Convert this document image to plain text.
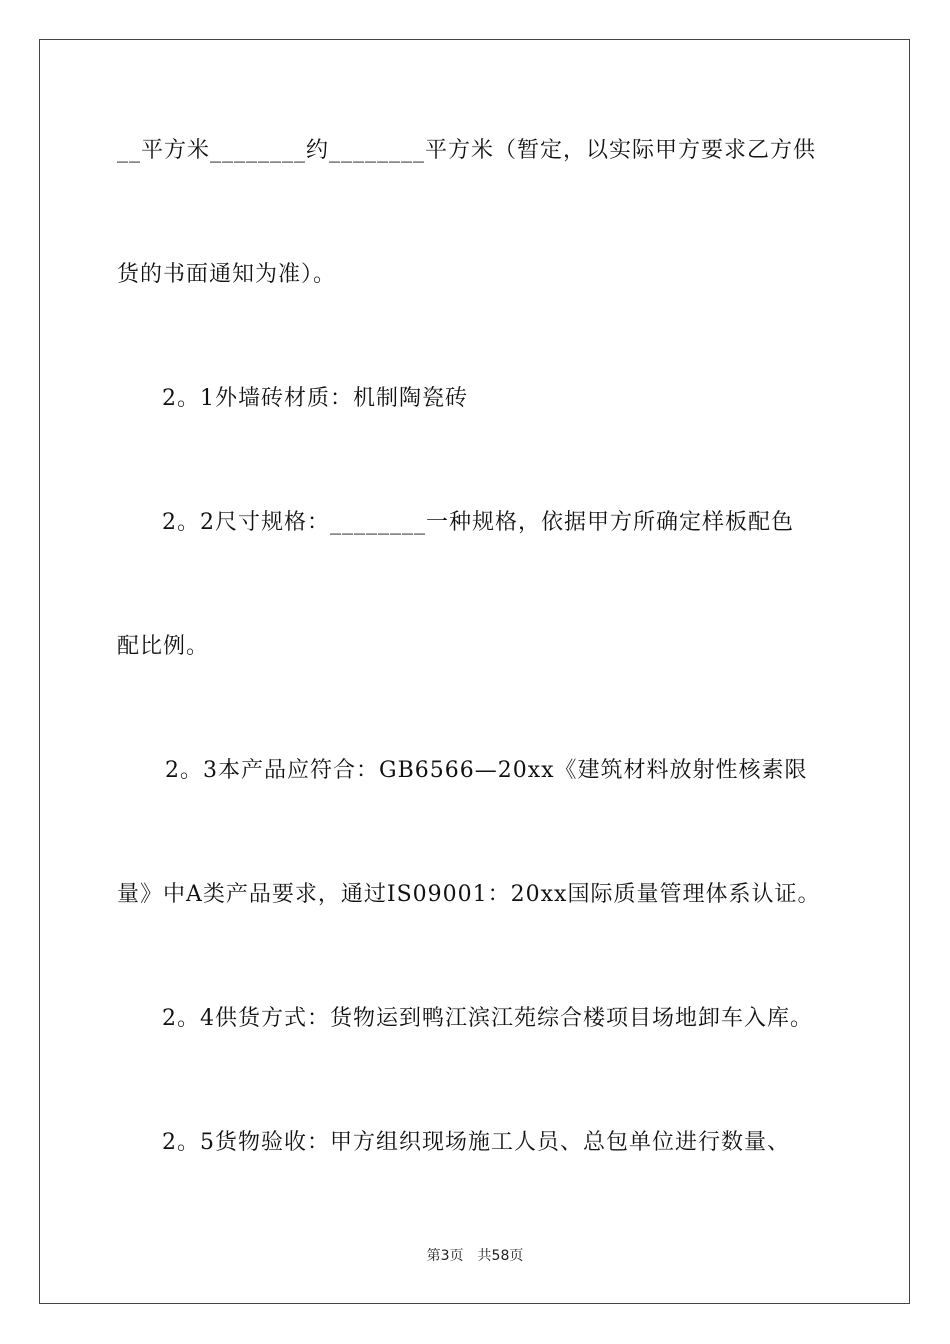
__平方米________约________平方米（暂定，以实际甲方要求乙方供
货的书面通知为准）。
2。1外墙砖材质：机制陶瓷砖
2。2尺寸规格：________一种规格，依据甲方所确定样板配色
配比例。
2。3本产品应符合：GB6566—20xx《建筑材料放射性核素限
量》中A类产品要求，通过IS09001：20xx国际质量管理体系认证。
2。4供货方式：货物运到鸭江滨江苑综合楼项目场地卸车入库。
2。5货物验收：甲方组织现场施工人员、总包单位进行数量、
第3页　共58页
